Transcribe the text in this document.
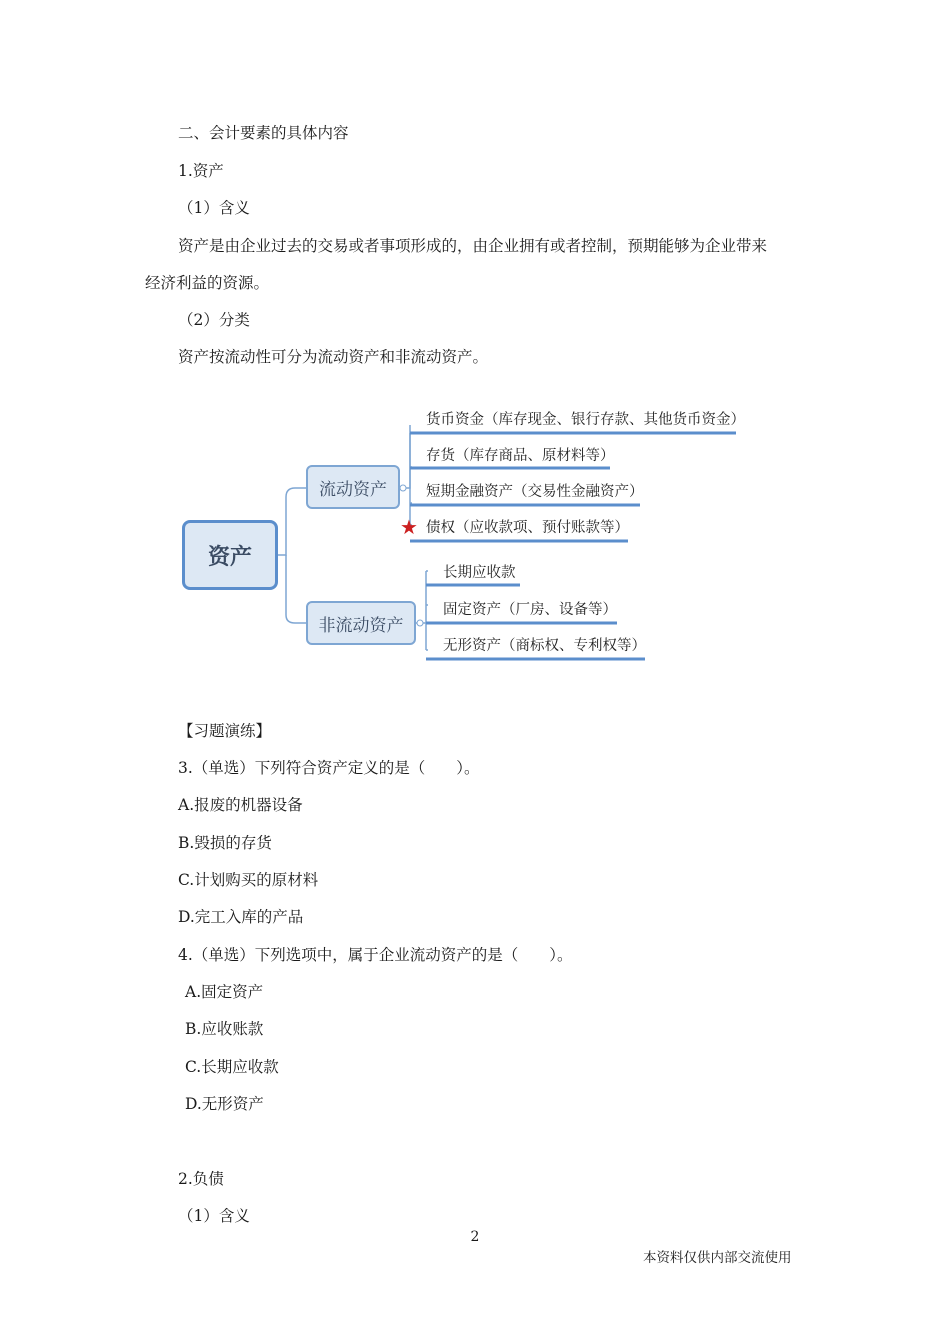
二、会计要素的具体内容
1.资产
（1）含义
资产是由企业过去的交易或者事项形成的，由企业拥有或者控制，预期能够为企业带来
经济利益的资源。
（2）分类
资产按流动性可分为流动资产和非流动资产。
资产
流动资产
非流动资产
货币资金（库存现金、银行存款、其他货币资金）
存货（库存商品、原材料等）
短期金融资产（交易性金融资产）
★ 债权（应收款项、预付账款等）
长期应收款
固定资产（厂房、设备等）
无形资产（商标权、专利权等）
【习题演练】
3.（单选）下列符合资产定义的是（　　）。
A.报废的机器设备
B.毁损的存货
C.计划购买的原材料
D.完工入库的产品
4.（单选）下列选项中，属于企业流动资产的是（　　）。
A.固定资产
B.应收账款
C.长期应收款
D.无形资产
2.负债
（1）含义
2
本资料仅供内部交流使用
